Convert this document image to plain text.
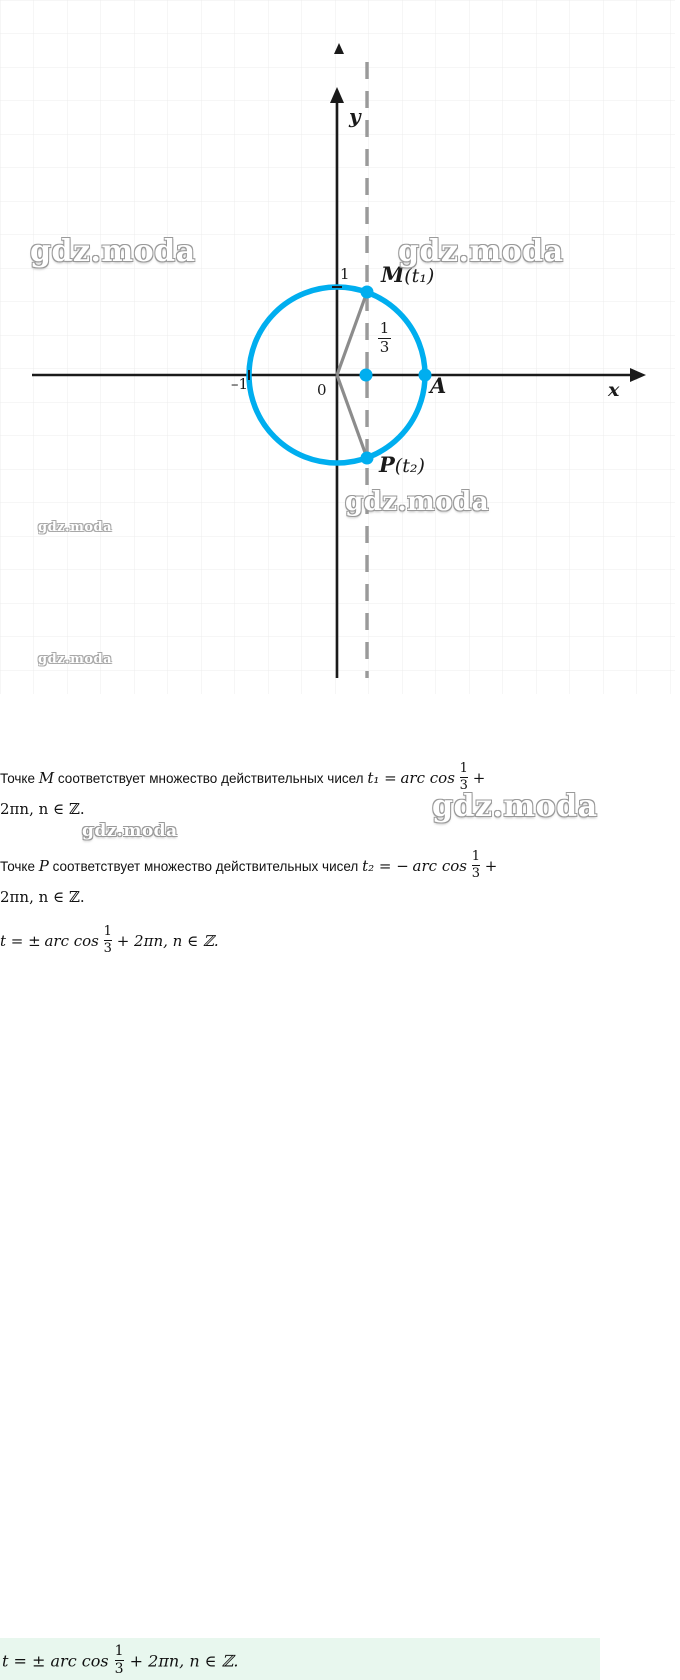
y
x
0
–1
1
1
3
M(t₁)
P(t₂)
A
gdz.moda	gdz.moda
gdz.moda
gdz.moda
gdz.moda
Точке M соответствует множество действительных чисел t₁ = arc $\cos \frac{1}{3}$ +
2πn, n ∈ ℤ.
Точке P соответствует множество действительных чисел t₂ = − arc $\cos \frac{1}{3}$ +
2πn, n ∈ ℤ.
t = ± arc $\cos \frac{1}{3} + 2\pi n$, n ∈ ℤ.
t = ± arc $\cos \frac{1}{3} + 2\pi n$, n ∈ ℤ.
gdz.moda
gdz.moda
